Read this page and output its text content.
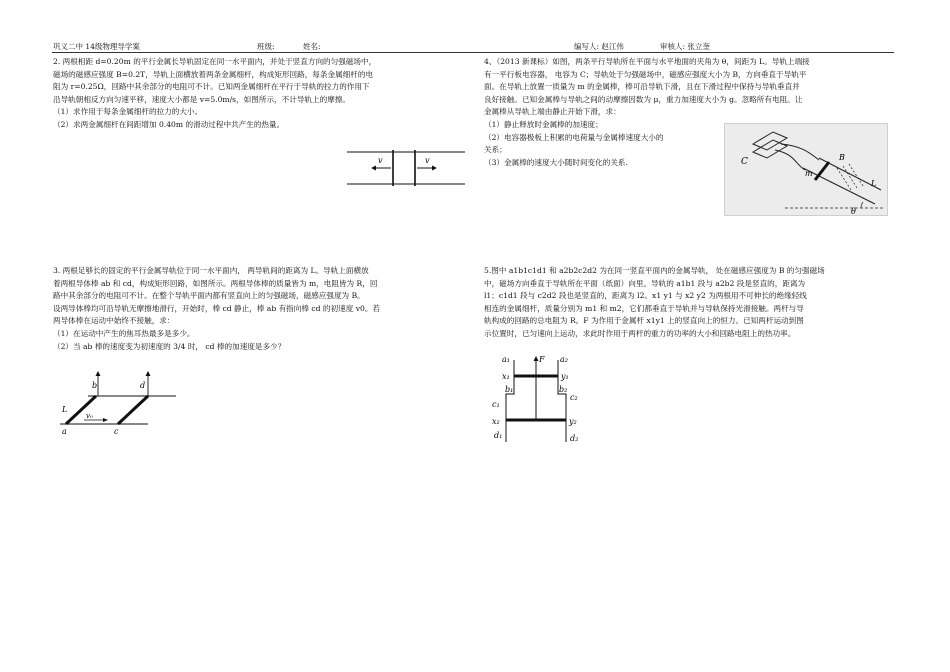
巩义二中 14级物理导学案	班级:	姓名:	编写人: 赵江伟	审核人: 张立奎

2. 两根相距 d=0.20m 的平行金属长导轨固定在同一水平面内，并处于竖直方向的匀强磁场中，

磁场的磁感应强度 B=0.2T，导轨上面横放着两条金属细杆，构成矩形回路，每条金属细杆的电

阻为 r=0.25Ω，回路中其余部分的电阻可不计。已知两金属细杆在平行于导轨的拉力的作用下

沿导轨朝相反方向匀速平移，速度大小都是 v=5.0m/s，如图所示，不计导轨上的摩擦。

（1）求作用于每条金属细杆的拉力的大小。

（2）求两金属细杆在间距增加 0.40m 的滑动过程中共产生的热量。

v	v

3. 两根足够长的固定的平行金属导轨位于同一水平面内， 两导轨间的距离为 L。导轨上面横放

着两根导体棒 ab 和 cd，构成矩形回路，如图所示。两根导体棒的质量皆为 m，电阻皆为 R，回

路中其余部分的电阻可不计。在整个导轨平面内都有竖直向上的匀强磁场，磁感应强度为 B。

设两导体棒均可沿导轨无摩擦地滑行，开始时，棒 cd 静止，棒 ab 有指向棒 cd 的初速度 v0。若

两导体棒在运动中始终不接触，求：

（1）在运动中产生的焦耳热最多是多少。

（2）当 ab 棒的速度变为初速度的 3/4 时， cd 棒的加速度是多少？

a
b
c
d
L
v₀

4、（2013 新课标）如图，两条平行导轨所在平面与水平地面的夹角为 θ，间距为 L。导轨上端接

有一平行板电容器， 电容为 C；导轨处于匀强磁场中，磁感应强度大小为 B，方向垂直于导轨平

面。在导轨上放置一质量为 m 的金属棒，棒可沿导轨下滑，且在下滑过程中保持与导轨垂直并

良好接触。已知金属棒与导轨之间的动摩擦因数为 μ，重力加速度大小为 g。忽略所有电阻。让

金属棒从导轨上端由静止开始下滑，求：

（1）静止释放时金属棒的加速度；

（2）电容器极板上积累的电荷量与金属棒速度大小的

关系；

（3）金属棒的速度大小随时间变化的关系.	C	B
m
L
θ

5.图中 a1b1c1d1 和 a2b2c2d2 为在同一竖直平面内的金属导轨， 处在磁感应强度为 B 的匀强磁场

中，磁场方向垂直于导轨所在平面（纸面）向里。导轨的 a1b1 段与 a2b2 段是竖直的，距离为

l1；c1d1 段与 c2d2 段也是竖直的，距离为 l2。x1 y1 与 x2 y2 为两根用不可伸长的绝缘轻线

相连的金属细杆，质量分别为 m1 和 m2，它们都垂直于导轨并与导轨保持光滑接触。两杆与导

轨构成的回路的总电阻为 R。F 为作用于金属杆 x1y1 上的竖直向上的恒力。已知两杆运动到图

示位置时，已匀速向上运动，求此时作用于两杆的重力的功率的大小和回路电阻上的热功率。

F
a₁	a₂
x₁	y₁
b₁	b₂
c₁
c₂
x₂	y₂
d₁	d₂
